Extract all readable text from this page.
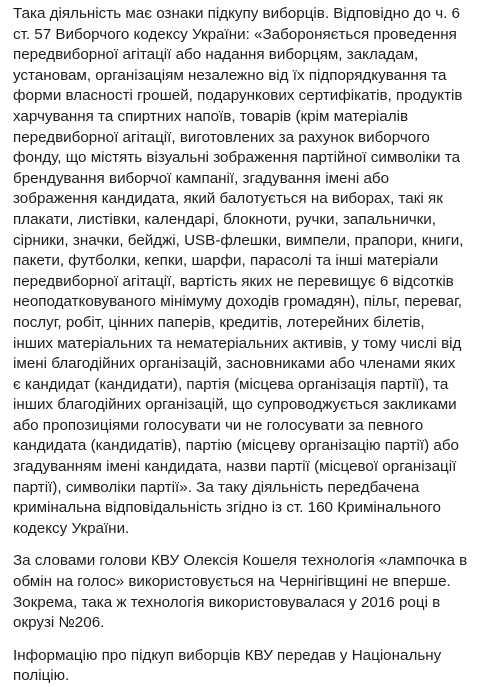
Така діяльність має ознаки підкупу виборців. Відповідно до ч. 6
ст. 57 Виборчого кодексу України: «Забороняється проведення
передвиборної агітації або надання виборцям, закладам,
установам, організаціям незалежно від їх підпорядкування та
форми власності грошей, подарункових сертифікатів, продуктів
харчування та спиртних напоїв, товарів (крім матеріалів
передвиборної агітації, виготовлених за рахунок виборчого
фонду, що містять візуальні зображення партійної символіки та
брендування виборчої кампанії, згадування імені або
зображення кандидата, який балотується на виборах, такі як
плакати, листівки, календарі, блокноти, ручки, запальнички,
сірники, значки, бейджі, USB-флешки, вимпели, прапори, книги,
пакети, футболки, кепки, шарфи, парасолі та інші матеріали
передвиборної агітації, вартість яких не перевищує 6 відсотків
неоподатковуваного мінімуму доходів громадян), пільг, переваг,
послуг, робіт, цінних паперів, кредитів, лотерейних білетів,
інших матеріальних та нематеріальних активів, у тому числі від
імені благодійних організацій, засновниками або членами яких
є кандидат (кандидати), партія (місцева організація партії), та
інших благодійних організацій, що супроводжується закликами
або пропозиціями голосувати чи не голосувати за певного
кандидата (кандидатів), партію (місцеву організацію партії) або
згадуванням імені кандидата, назви партії (місцевої організації
партії), символіки партії». За таку діяльність передбачена
кримінальна відповідальність згідно із ст. 160 Кримінального
кодексу України.

За словами голови КВУ Олексія Кошеля технологія «лампочка в
обмін на голос» використовується на Чернігівщині не вперше.
Зокрема, така ж технологія використовувалася у 2016 році в
окрузі №206.

Інформацію про підкуп виборців КВУ передав у Національну
поліцію.
